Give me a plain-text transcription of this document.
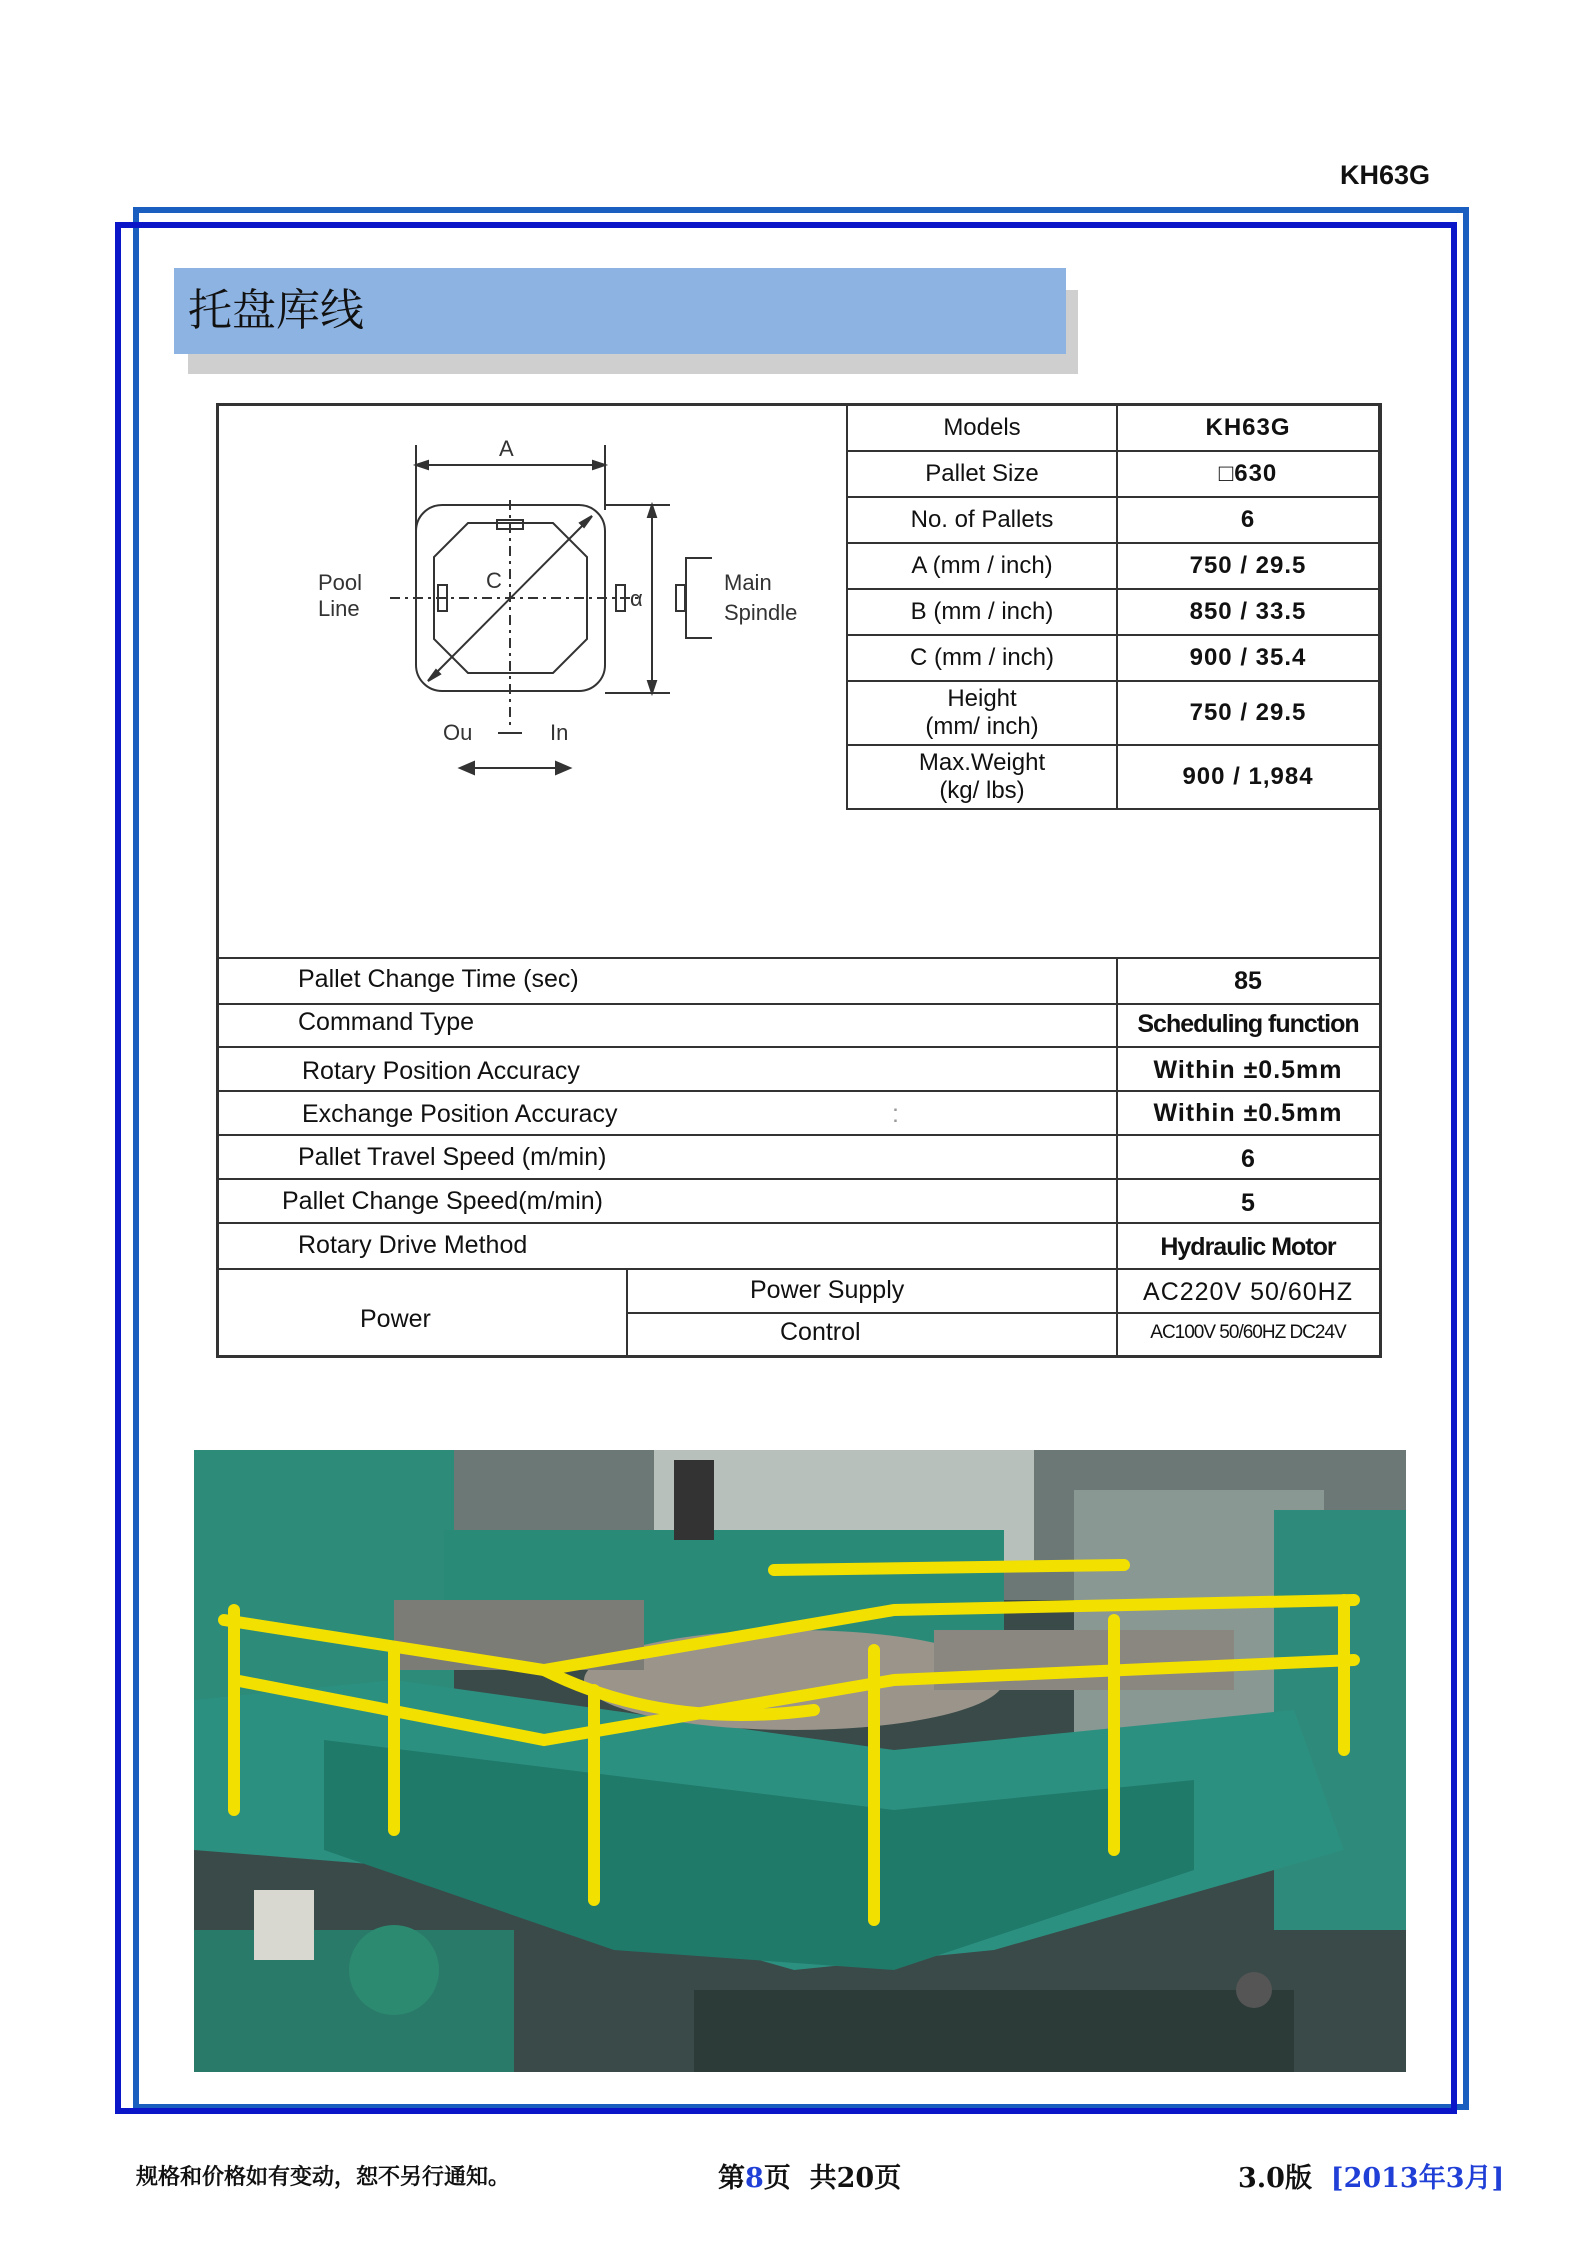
KH63G
托盘库线
A
C
α
Pool
Line
Main
Spindle
Ou	In
Models	KH63G
Pallet Size	□630
No. of Pallets	6
A (mm / inch)	750 / 29.5
B (mm / inch)	850 / 33.5
C (mm / inch)	900 / 35.4
Height
(mm/ inch)	750 / 29.5
Max.Weight
(kg/ lbs)	900 / 1,984
Pallet Change Time (sec)	85
Command Type	Scheduling function
Rotary Position Accuracy	Within ±0.5mm
Exchange Position Accuracy	Within ±0.5mm
:
Pallet Travel Speed (m/min)	6
Pallet Change Speed(m/min)	5
Rotary Drive Method	Hydraulic Motor
Power
Power Supply	AC220V 50/60HZ
Control	AC100V 50/60HZ DC24V
规格和价格如有变动，恕不另行通知。	第8页  共20页	3.0版 [2013年3月]
